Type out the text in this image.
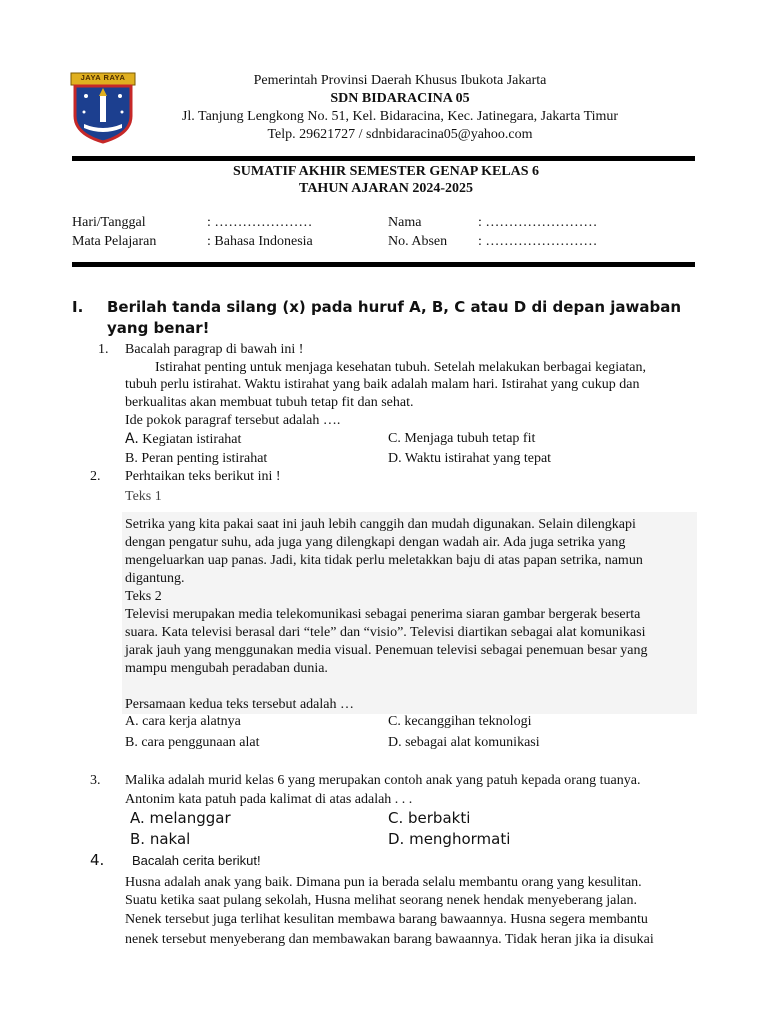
JAYA RAYA	Pemerintah Provinsi Daerah Khusus Ibukota Jakarta
SDN BIDARACINA 05
Jl. Tanjung Lengkong No. 51, Kel. Bidaracina, Kec. Jatinegara, Jakarta Timur
Telp. 29621727 / sdnbidaracina05@yahoo.com
SUMATIF AKHIR SEMESTER GENAP KELAS 6
TAHUN AJARAN 2024-2025
Hari/Tanggal	: …………………
Mata Pelajaran	: Bahasa Indonesia
Nama	: ……………………
No. Absen : ……………………
I. Berilah tanda silang (x) pada huruf A, B, C atau D di depan jawaban
yang benar!
1. Bacalah paragrap di bawah ini !
Istirahat penting untuk menjaga kesehatan tubuh. Setelah melakukan berbagai kegiatan,
tubuh perlu istirahat. Waktu istirahat yang baik adalah malam hari. Istirahat yang cukup dan
berkualitas akan membuat tubuh tetap fit dan sehat.
Ide pokok paragraf tersebut adalah ….
A. Kegiatan istirahat
B. Peran penting istirahat
C. Menjaga tubuh tetap fit
D. Waktu istirahat yang tepat
2. Perhtaikan teks berikut ini !
Teks 1
Setrika yang kita pakai saat ini jauh lebih canggih dan mudah digunakan. Selain dilengkapi
dengan pengatur suhu, ada juga yang dilengkapi dengan wadah air. Ada juga setrika yang
mengeluarkan uap panas. Jadi, kita tidak perlu meletakkan baju di atas papan setrika, namun
digantung.
Teks 2
Televisi merupakan media telekomunikasi sebagai penerima siaran gambar bergerak beserta
suara. Kata televisi berasal dari “tele” dan “visio”. Televisi diartikan sebagai alat komunikasi
jarak jauh yang menggunakan media visual. Penemuan televisi sebagai penemuan besar yang
mampu mengubah peradaban dunia.
Persamaan kedua teks tersebut adalah …
A. cara kerja alatnya
B. cara penggunaan alat
C. kecanggihan teknologi
D. sebagai alat komunikasi
3. Malika adalah murid kelas 6 yang merupakan contoh anak yang patuh kepada orang tuanya.
Antonim kata patuh pada kalimat di atas adalah . . .
A. melanggar
B. nakal
C. berbakti
D. menghormati
4. Bacalah cerita berikut!
Husna adalah anak yang baik. Dimana pun ia berada selalu membantu orang yang kesulitan.
Suatu ketika saat pulang sekolah, Husna melihat seorang nenek hendak menyeberang jalan.
Nenek tersebut juga terlihat kesulitan membawa barang bawaannya. Husna segera membantu
nenek tersebut menyeberang dan membawakan barang bawaannya. Tidak heran jika ia disukai
